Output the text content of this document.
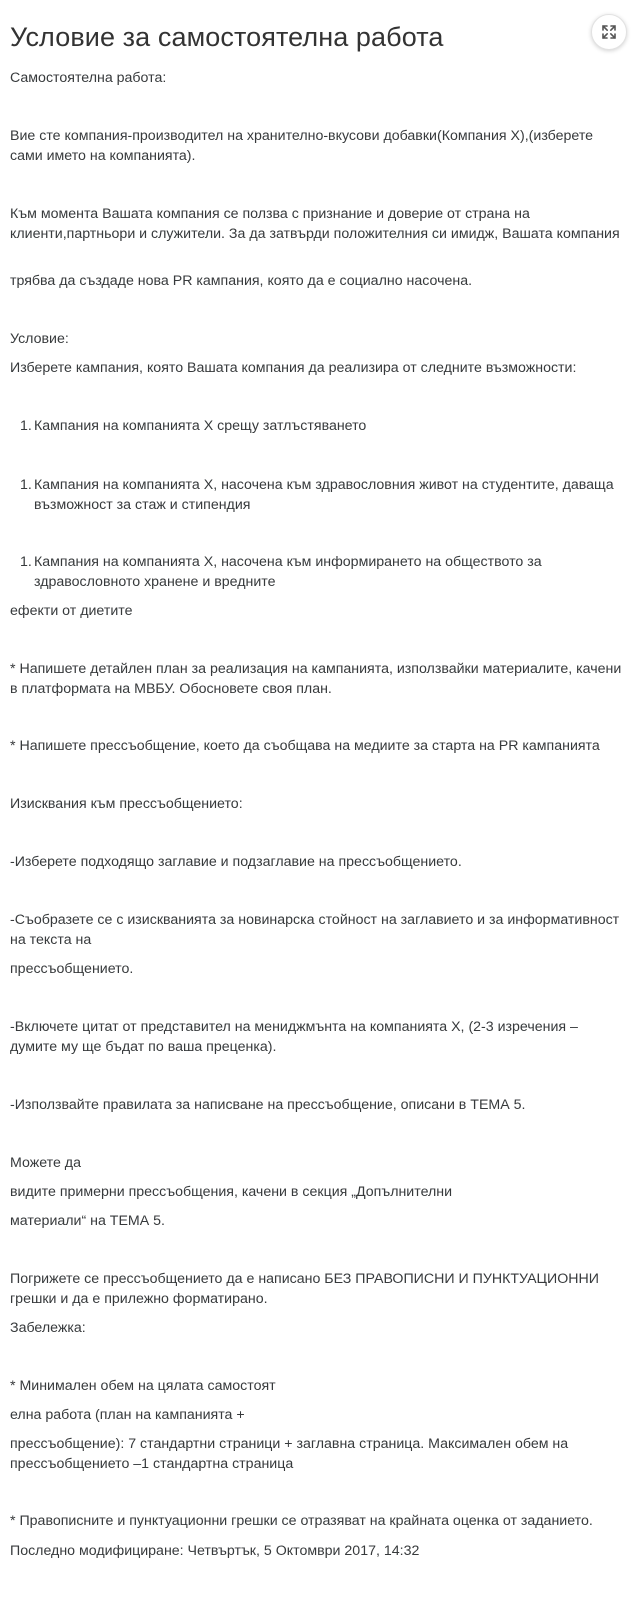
Условие за самостоятелна работа

Самостоятелна работа:

Вие сте компания-производител на хранително-вкусови добавки(Компания X),(изберете сами името на компанията).

Към момента Вашата компания се ползва с признание и доверие от страна на клиенти,партньори и служители. За да затвърди положителния си имидж, Вашата компания

трябва да създаде нова PR кампания, която да е социално насочена.

Условие:

Изберете кампания, която Вашата компания да реализира от следните възможности:

1. Кампания на компанията X срещу затлъстяването

1. Кампания на компанията X, насочена към здравословния живот на студентите, даваща възможност за стаж и стипендия

1. Кампания на компанията X, насочена към информирането на обществото за здравословното хранене и вредните

ефекти от диетите

* Напишете детайлен план за реализация на кампанията, използвайки материалите, качени в платформата на МВБУ. Обосновете своя план.

* Напишете прессъобщение, което да съобщава на медиите за старта на PR кампанията

Изисквания към прессъобщението:

-Изберете подходящо заглавие и подзаглавие на прессъобщението.

-Съобразете се с изискванията за новинарска стойност на заглавието и за информативност на текста на

прессъобщението.

-Включете цитат от представител на мениджмънта на компанията X, (2-3 изречения –думите му ще бъдат по ваша преценка).

-Използвайте правилата за написване на прессъобщение, описани в ТЕМА 5.

Можете да

видите примерни прессъобщения, качени в секция „Допълнителни

материали“ на ТЕМА 5.

Погрижете се прессъобщението да е написано БЕЗ ПРАВОПИСНИ И ПУНКТУАЦИОННИ грешки и да е прилежно форматирано.

Забележка:

* Минимален обем на цялата самостоят

елна работа (план на кампанията +

прессъобщение): 7 стандартни страници + заглавна страница. Максимален обем на прессъобщението –1 стандартна страница

* Правописните и пунктуационни грешки се отразяват на крайната оценка от заданието.

Последно модифициране: Четвъртък, 5 Октомври 2017, 14:32
